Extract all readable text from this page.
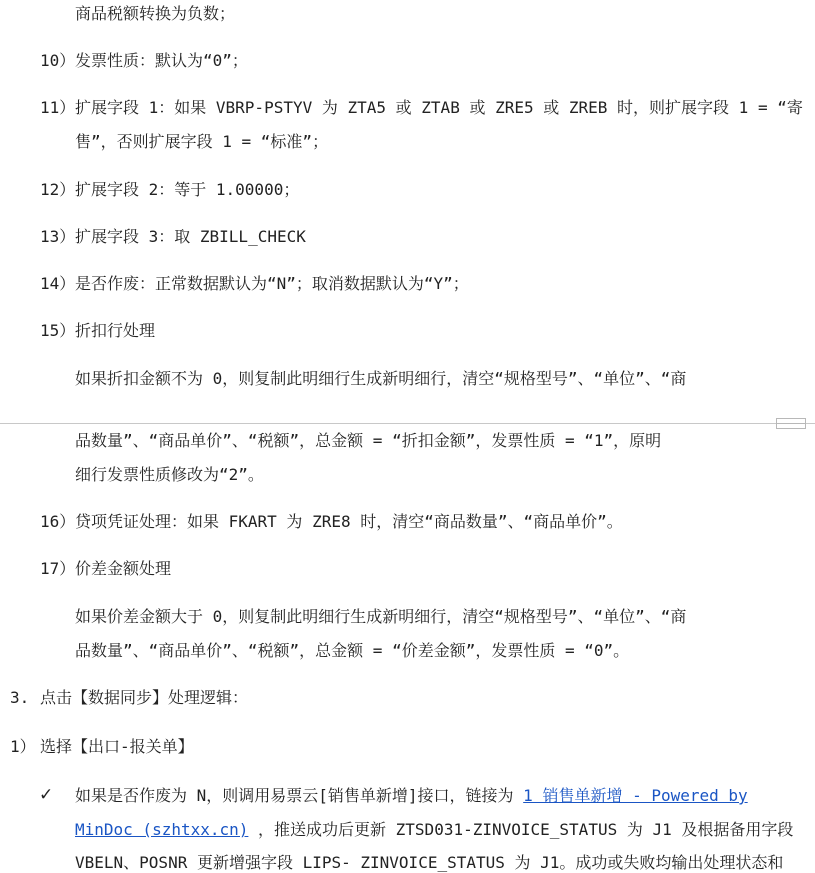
商品税额转换为负数；
10） 发票性质：默认为“0”；
11） 扩展字段 1：如果 VBRP-PSTYV 为 ZTA5 或 ZTAB 或 ZRE5 或 ZREB 时，则扩展字段 1 = “寄
售”，否则扩展字段 1 = “标准”；
12） 扩展字段 2：等于 1.00000；
13） 扩展字段 3：取 ZBILL_CHECK
14） 是否作废：正常数据默认为“N”；取消数据默认为“Y”；
15） 折扣行处理
如果折扣金额不为 0，则复制此明细行生成新明细行，清空“规格型号”、“单位”、“商
品数量”、“商品单价”、“税额”，总金额 = “折扣金额”，发票性质 = “1”，原明
细行发票性质修改为“2”。
16） 贷项凭证处理：如果 FKART 为 ZRE8 时，清空“商品数量”、“商品单价”。
17） 价差金额处理
如果价差金额大于 0，则复制此明细行生成新明细行，清空“规格型号”、“单位”、“商
品数量”、“商品单价”、“税额”，总金额 = “价差金额”，发票性质 = “0”。
3. 点击【数据同步】处理逻辑：
1） 选择【出口-报关单】
✓ 如果是否作废为 N，则调用易票云[销售单新增]接口，链接为 1 销售单新增 - Powered by
MinDoc (szhtxx.cn) ，推送成功后更新 ZTSD031-ZINVOICE_STATUS 为 J1 及根据备用字段
VBELN、POSNR 更新增强字段 LIPS- ZINVOICE_STATUS 为 J1。成功或失败均输出处理状态和
